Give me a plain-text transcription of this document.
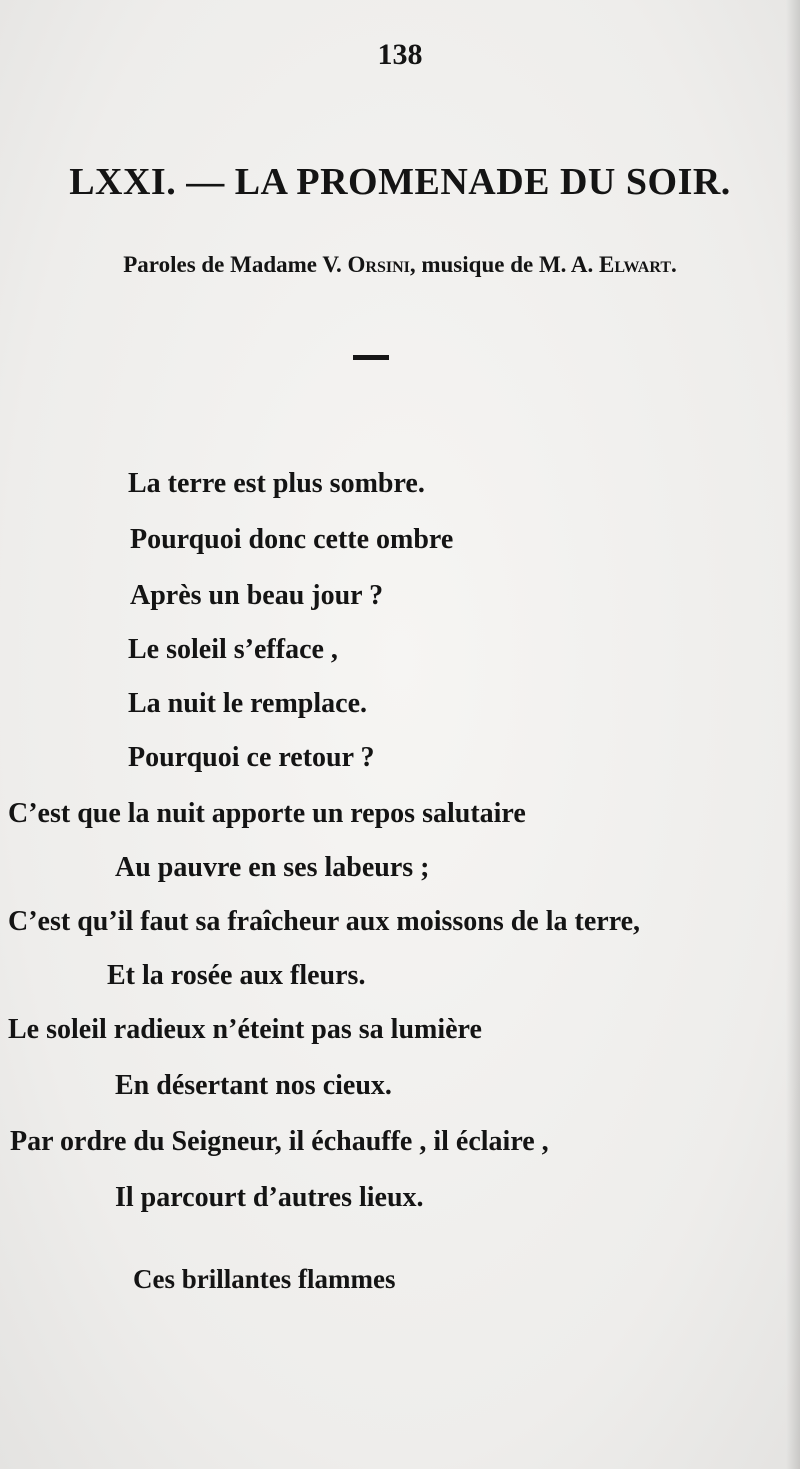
138
LXXI. — LA PROMENADE DU SOIR.
Paroles de Madame V. Orsini, musique de M. A. Elwart.
La terre est plus sombre.
Pourquoi donc cette ombre
Après un beau jour ?
Le soleil s’efface ,
La nuit le remplace.
Pourquoi ce retour ?
C’est que la nuit apporte un repos salutaire
Au pauvre en ses labeurs ;
C’est qu’il faut sa fraîcheur aux moissons de la terre,
Et la rosée aux fleurs.
Le soleil radieux n’éteint pas sa lumière
En désertant nos cieux.
Par ordre du Seigneur, il échauffe , il éclaire ,
Il parcourt d’autres lieux.
Ces brillantes flammes
